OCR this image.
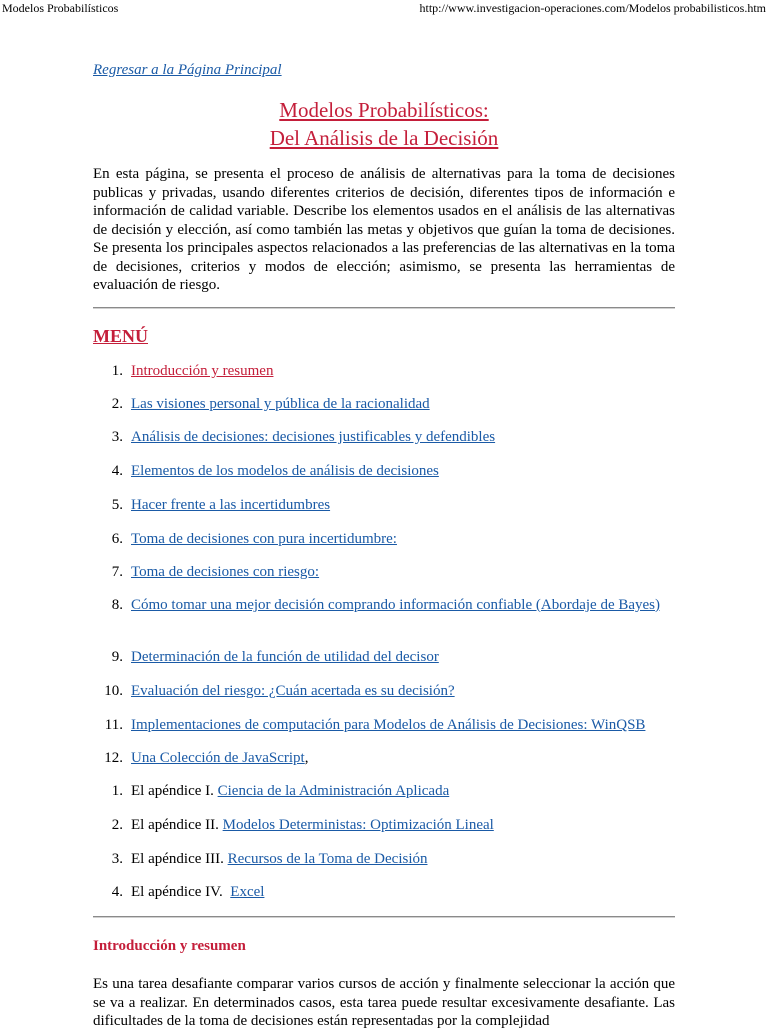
Modelos Probabilísticos	http://www.investigacion-operaciones.com/Modelos probabilisticos.htm
Regresar a la Página Principal
Modelos Probabilísticos:
Del Análisis de la Decisión
En esta página, se presenta el proceso de análisis de alternativas para la toma de decisiones publicas y privadas, usando diferentes criterios de decisión, diferentes tipos de información e información de calidad variable. Describe los elementos usados en el análisis de las alternativas de decisión y elección, así como también las metas y objetivos que guían la toma de decisiones. Se presenta los principales aspectos relacionados a las preferencias de las alternativas en la toma de decisiones, criterios y modos de elección; asimismo, se presenta las herramientas de evaluación de riesgo.
MENÚ
1. Introducción y resumen
2. Las visiones personal y pública de la racionalidad
3. Análisis de decisiones: decisiones justificables y defendibles
4. Elementos de los modelos de análisis de decisiones
5. Hacer frente a las incertidumbres
6. Toma de decisiones con pura incertidumbre:
7. Toma de decisiones con riesgo:
8. Cómo tomar una mejor decisión comprando información confiable (Abordaje de Bayes)
9. Determinación de la función de utilidad del decisor
10. Evaluación del riesgo: ¿Cuán acertada es su decisión?
11. Implementaciones de computación para Modelos de Análisis de Decisiones: WinQSB
12. Una Colección de JavaScript,
1. El apéndice I. Ciencia de la Administración Aplicada
2. El apéndice II. Modelos Deterministas: Optimización Lineal
3. El apéndice III. Recursos de la Toma de Decisión
4. El apéndice IV. Excel
Introducción y resumen
Es una tarea desafiante comparar varios cursos de acción y finalmente seleccionar la acción que se va a realizar. En determinados casos, esta tarea puede resultar excesivamente desafiante. Las dificultades de la toma de decisiones están representadas por la complejidad
